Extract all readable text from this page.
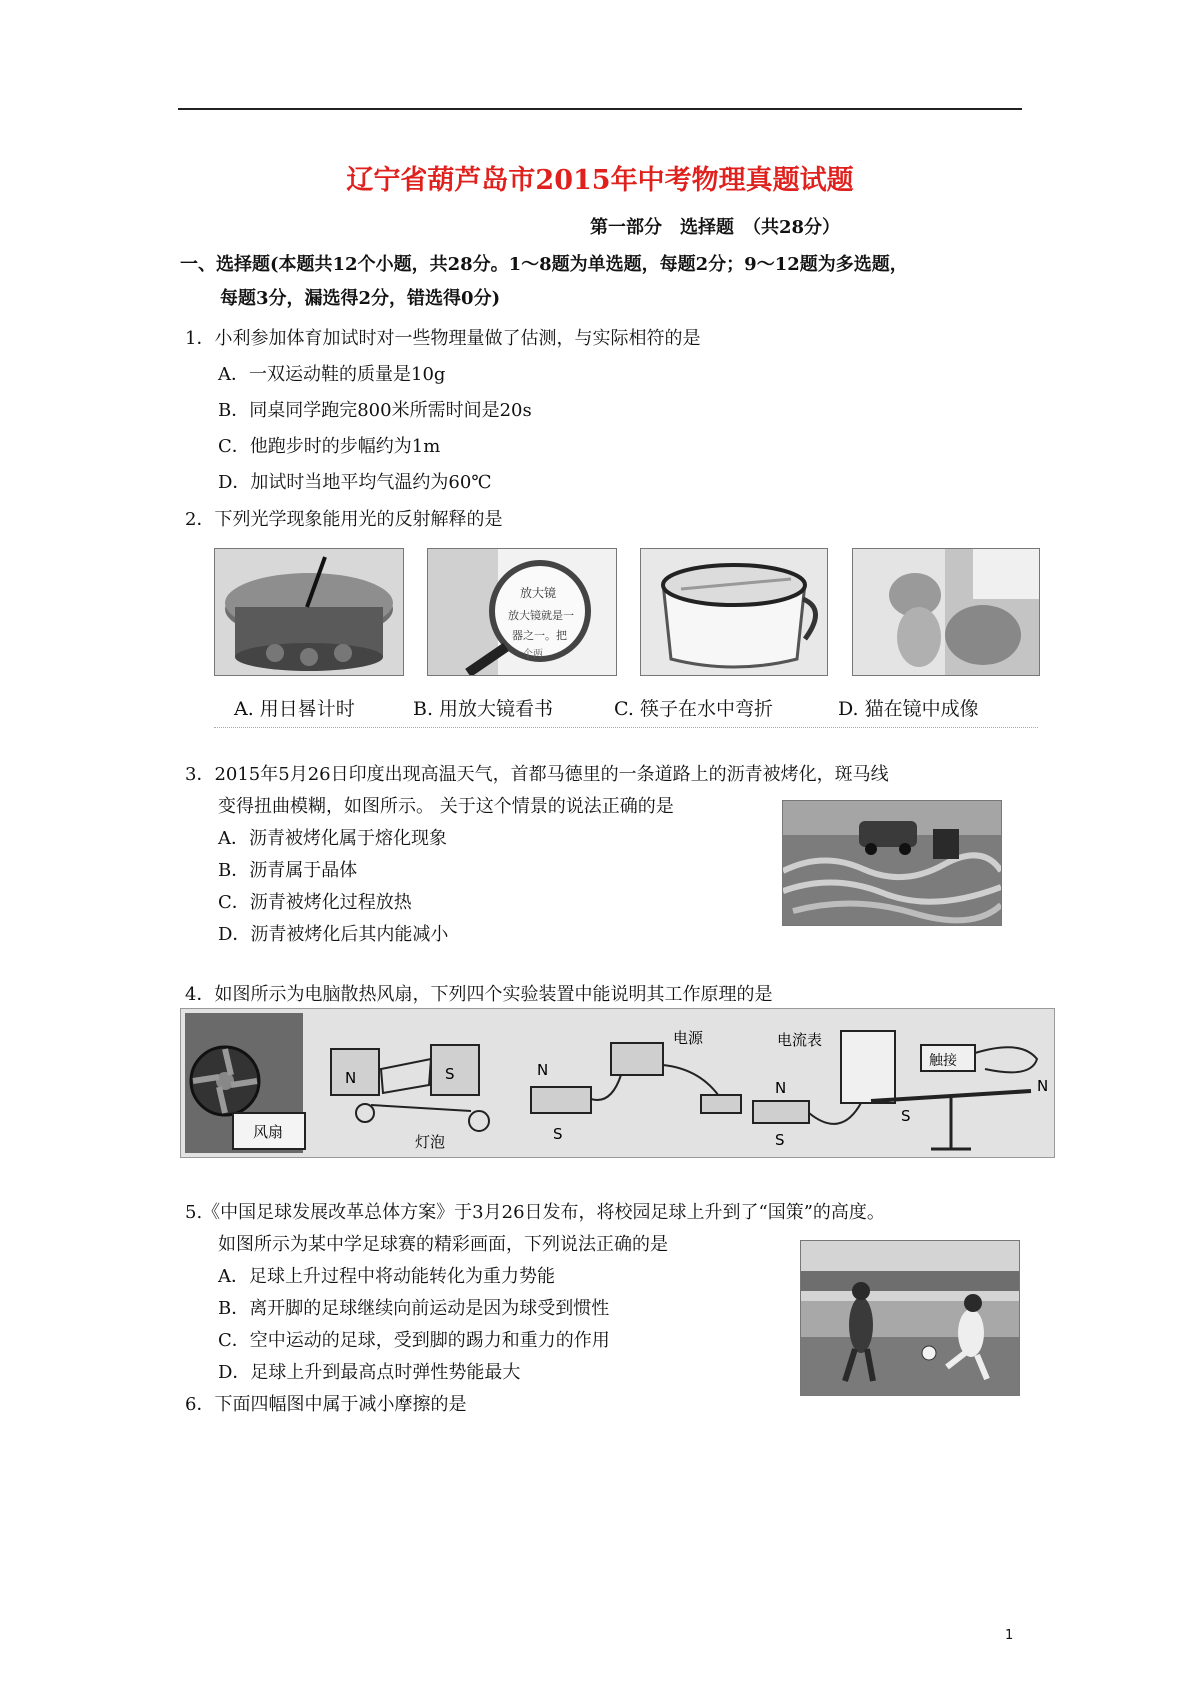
辽宁省葫芦岛市2015年中考物理真题试题
第一部分　选择题　（共28分）
一、选择题(本题共12个小题，共28分。1～8题为单选题，每题2分；9～12题为多选题，
每题3分，漏选得2分，错选得0分)
1．小利参加体育加试时对一些物理量做了估测，与实际相符的是
A．一双运动鞋的质量是10g
B．同桌同学跑完800米所需时间是20s
C．他跑步时的步幅约为1m
D．加试时当地平均气温约为60℃
2．下列光学现象能用光的反射解释的是
放大镜
放大镜就是一
器之一。把
个两
A. 用日晷计时	B. 用放大镜看书	C. 筷子在水中弯折	D. 猫在镜中成像
3．2015年5月26日印度出现高温天气，首都马德里的一条道路上的沥青被烤化，斑马线
变得扭曲模糊，如图所示。 关于这个情景的说法正确的是
A．沥青被烤化属于熔化现象
B．沥青属于晶体
C．沥青被烤化过程放热
D．沥青被烤化后其内能减小
4．如图所示为电脑散热风扇，下列四个实验装置中能说明其工作原理的是
风扇
N	S
灯泡
N
S
电源	电流表
N
S
触接
S
N
5.《中国足球发展改革总体方案》于3月26日发布，将校园足球上升到了“国策”的高度。
如图所示为某中学足球赛的精彩画面，下列说法正确的是
A．足球上升过程中将动能转化为重力势能
B．离开脚的足球继续向前运动是因为球受到惯性
C．空中运动的足球，受到脚的踢力和重力的作用
D．足球上升到最高点时弹性势能最大
6．下面四幅图中属于减小摩擦的是
1
